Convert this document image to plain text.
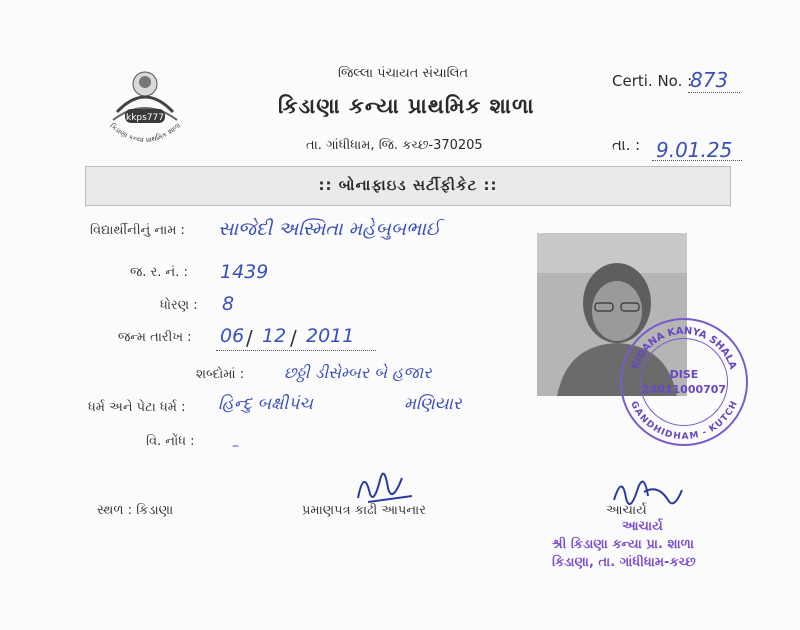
kkps777
કિડાણા કન્યા પ્રાથમિક શાળા
જિલ્લા પંચાયત સંચાલિત
કિડાણા કન્યા પ્રાથમિક શાળા
તા. ગાંધીધામ, જિ. કચ્છ-370205
Certi. No. :
873
તા. : 9.01.25
:: બોનાફાઇડ સર્ટીફીકેટ ::
વિદ્યાર્થીનીનું નામ : સાજેદી અસ્મિતા મહેબુબભાઈ
જ. ર. નં. : 1439
ધોરણ : 8
જન્મ તારીખ : 06 / 12 / 2011
શબ્દોમાં : છઠ્ઠી ડીસેમ્બર બે હજાર
ધર્મ અને પેટા ધર્મ : હિન્દુ બક્ષીપંચ	મણિયાર
વિ. નોંધ :	–
KIDANA KANYA SHALA
GANDHIDHAM - KUTCH
DISE
24011000707
સ્થળ : કિડાણા	પ્રમાણપત્ર કાઢી આપનાર	આચાર્ય
આચાર્ય
શ્રી કિડાણા કન્યા પ્રા. શાળા
કિડાણા, તા. ગાંધીધામ-કચ્છ
